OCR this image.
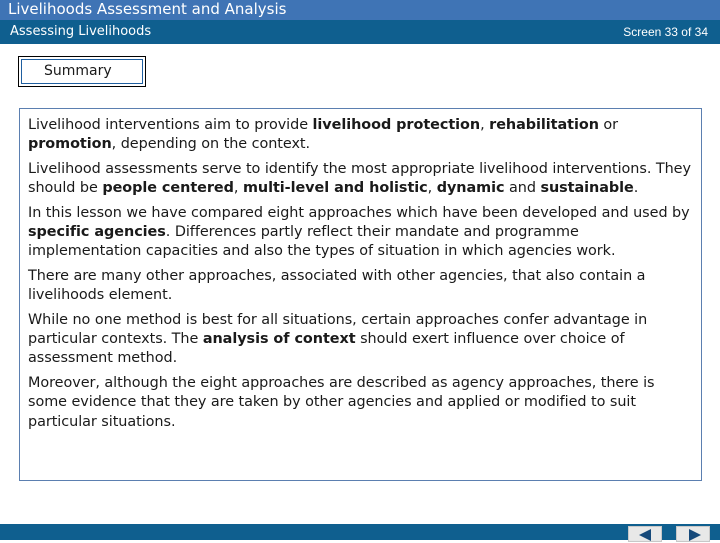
Livelihoods Assessment and Analysis
Assessing Livelihoods	Screen 33 of 34
Summary

Livelihood interventions aim to provide livelihood protection, rehabilitation or promotion, depending on the context.

Livelihood assessments serve to identify the most appropriate livelihood interventions. They should be people centered, multi-level and holistic, dynamic and sustainable.

In this lesson we have compared eight approaches which have been developed and used by specific agencies. Differences partly reflect their mandate and programme implementation capacities and also the types of situation in which agencies work.

There are many other approaches, associated with other agencies, that also contain a livelihoods element.

While no one method is best for all situations, certain approaches confer advantage in particular contexts. The analysis of context should exert influence over choice of assessment method.

Moreover, although the eight approaches are described as agency approaches, there is some evidence that they are taken by other agencies and applied or modified to suit particular situations.
